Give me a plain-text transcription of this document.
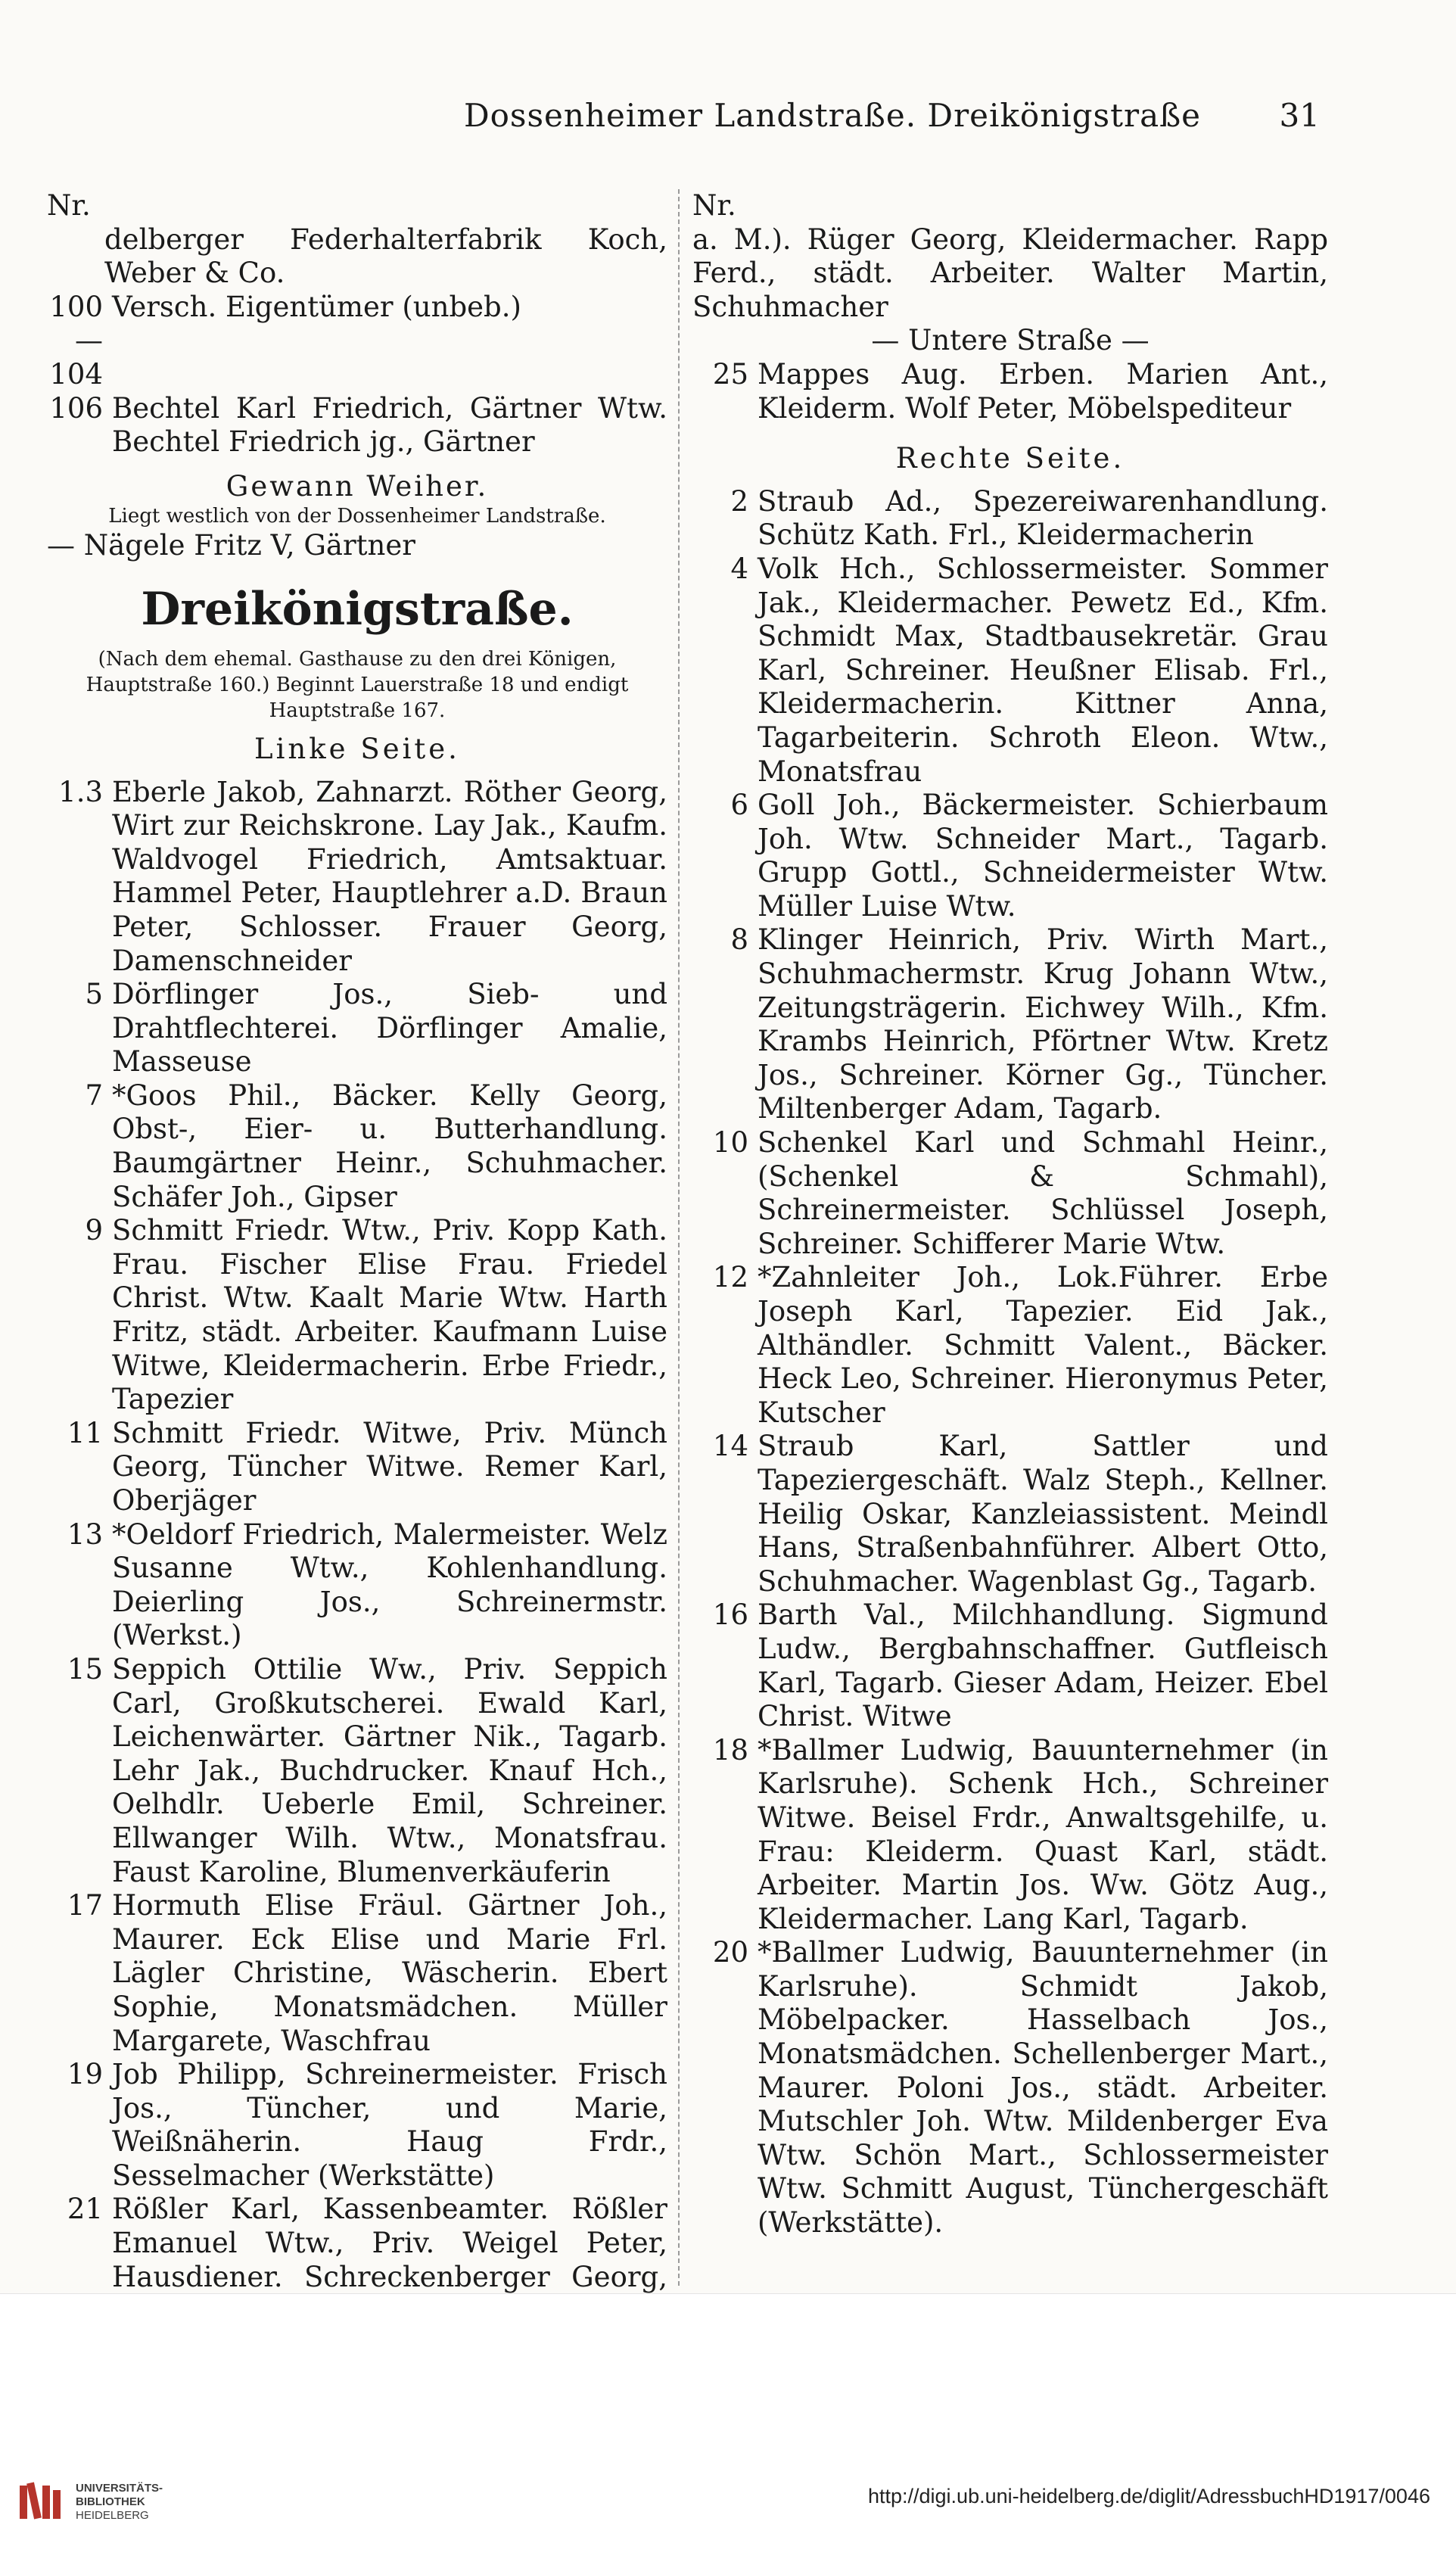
Dossenheimer Landstraße. Dreikönigstraße	31
Nr.
delberger Federhalterfabrik Koch, Weber & Co.
100—104
Versch. Eigentümer (unbeb.)
106 Bechtel Karl Friedrich, Gärtner Wtw. Bechtel Friedrich jg., Gärtner
Gewann Weiher.
Liegt westlich von der Dossenheimer Landstraße.
— Nägele Fritz V, Gärtner
Dreikönigstraße.
(Nach dem ehemal. Gasthause zu den drei Königen, Hauptstraße 160.) Beginnt Lauerstraße 18 und endigt Hauptstraße 167.
Linke Seite.
1.3 Eberle Jakob, Zahnarzt. Röther Georg, Wirt zur Reichskrone. Lay Jak., Kaufm. Waldvogel Friedrich, Amtsaktuar. Hammel Peter, Hauptlehrer a.D. Braun Peter, Schlosser. Frauer Georg, Damenschneider
5 Dörflinger Jos., Sieb- und Drahtflechterei. Dörflinger Amalie, Masseuse
7 *Goos Phil., Bäcker. Kelly Georg, Obst-, Eier- u. Butterhandlung. Baumgärtner Heinr., Schuhmacher. Schäfer Joh., Gipser
9 Schmitt Friedr. Wtw., Priv. Kopp Kath. Frau. Fischer Elise Frau. Friedel Christ. Wtw. Kaalt Marie Wtw. Harth Fritz, städt. Arbeiter. Kaufmann Luise Witwe, Kleidermacherin. Erbe Friedr., Tapezier
11 Schmitt Friedr. Witwe, Priv. Münch Georg, Tüncher Witwe. Remer Karl, Oberjäger
13 *Oeldorf Friedrich, Malermeister. Welz Susanne Wtw., Kohlenhandlung. Deierling Jos., Schreinermstr. (Werkst.)
15 Seppich Ottilie Ww., Priv. Seppich Carl, Großkutscherei. Ewald Karl, Leichenwärter. Gärtner Nik., Tagarb. Lehr Jak., Buchdrucker. Knauf Hch., Oelhdlr. Ueberle Emil, Schreiner. Ellwanger Wilh. Wtw., Monatsfrau. Faust Karoline, Blumenverkäuferin
17 Hormuth Elise Fräul. Gärtner Joh., Maurer. Eck Elise und Marie Frl. Lägler Christine, Wäscherin. Ebert Sophie, Monatsmädchen. Müller Margarete, Waschfrau
19 Job Philipp, Schreinermeister. Frisch Jos., Tüncher, und Marie, Weißnäherin. Haug Frdr., Sesselmacher (Werkstätte)
21 Rößler Karl, Kassenbeamter. Rößler Emanuel Wtw., Priv. Weigel Peter, Hausdiener. Schreckenberger Georg,
Nr.
a. M.). Rüger Georg, Kleidermacher. Rapp Ferd., städt. Arbeiter. Walter Martin, Schuhmacher
— Untere Straße —
25 Mappes Aug. Erben. Marien Ant., Kleiderm. Wolf Peter, Möbelspediteur
Rechte Seite.
2 Straub Ad., Spezereiwarenhandlung. Schütz Kath. Frl., Kleidermacherin
4 Volk Hch., Schlossermeister. Sommer Jak., Kleidermacher. Pewetz Ed., Kfm. Schmidt Max, Stadtbausekretär. Grau Karl, Schreiner. Heußner Elisab. Frl., Kleidermacherin. Kittner Anna, Tagarbeiterin. Schroth Eleon. Wtw., Monatsfrau
6 Goll Joh., Bäckermeister. Schierbaum Joh. Wtw. Schneider Mart., Tagarb. Grupp Gottl., Schneidermeister Wtw. Müller Luise Wtw.
8 Klinger Heinrich, Priv. Wirth Mart., Schuhmachermstr. Krug Johann Wtw., Zeitungsträgerin. Eichwey Wilh., Kfm. Krambs Heinrich, Pförtner Wtw. Kretz Jos., Schreiner. Körner Gg., Tüncher. Miltenberger Adam, Tagarb.
10 Schenkel Karl und Schmahl Heinr., (Schenkel & Schmahl), Schreinermeister. Schlüssel Joseph, Schreiner. Schifferer Marie Wtw.
12 *Zahnleiter Joh., Lok.Führer. Erbe Joseph Karl, Tapezier. Eid Jak., Althändler. Schmitt Valent., Bäcker. Heck Leo, Schreiner. Hieronymus Peter, Kutscher
14 Straub Karl, Sattler und Tapeziergeschäft. Walz Steph., Kellner. Heilig Oskar, Kanzleiassistent. Meindl Hans, Straßenbahnführer. Albert Otto, Schuhmacher. Wagenblast Gg., Tagarb.
16 Barth Val., Milchhandlung. Sigmund Ludw., Bergbahnschaffner. Gutfleisch Karl, Tagarb. Gieser Adam, Heizer. Ebel Christ. Witwe
18 *Ballmer Ludwig, Bauunternehmer (in Karlsruhe). Schenk Hch., Schreiner Witwe. Beisel Frdr., Anwaltsgehilfe, u. Frau: Kleiderm. Quast Karl, städt. Arbeiter. Martin Jos. Ww. Götz Aug., Kleidermacher. Lang Karl, Tagarb.
20 *Ballmer Ludwig, Bauunternehmer (in Karlsruhe). Schmidt Jakob, Möbelpacker. Hasselbach Jos., Monatsmädchen. Schellenberger Mart., Maurer. Poloni Jos., städt. Arbeiter. Mutschler Joh. Wtw. Mildenberger Eva Wtw. Schön Mart., Schlossermeister Wtw. Schmitt August, Tünchergeschäft (Werkstätte).
UNIVERSITÄTS-
BIBLIOTHEK
HEIDELBERG
http://digi.ub.uni-heidelberg.de/diglit/AdressbuchHD1917/0046
